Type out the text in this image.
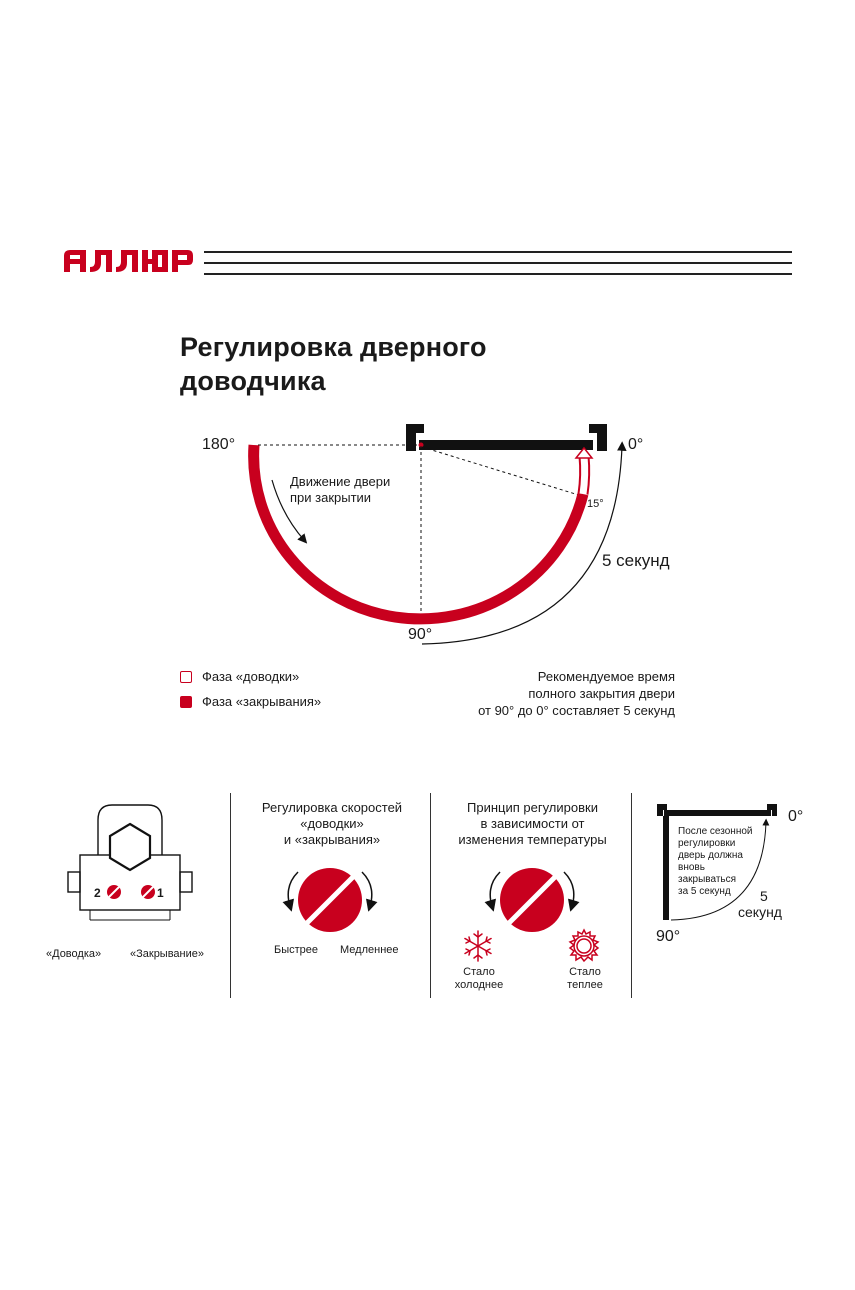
Регулировка дверного
доводчика
180°	0°
90°
15°
Движение двери
при закрытии
5 секунд
Фаза «доводки»
Фаза «закрывания»
Рекомендуемое время
полного закрытия двери
от 90° до 0° составляет 5 секунд
2	1
«Доводка»	«Закрывание»
Регулировка скоростей
«доводки»
и «закрывания»
Быстрее Медленнее
Принцип регулировки
в зависимости от
изменения температуры
Стало
холоднее
Стало
теплее
0°
90°
После сезонной
регулировки
дверь должна
вновь
закрываться
за 5 секунд	5
секунд
